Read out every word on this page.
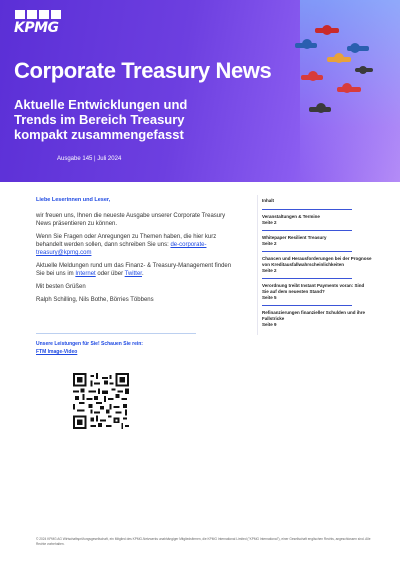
KPMG
Corporate Treasury News
Aktuelle Entwicklungen und Trends im Bereich Treasury kompakt zusammengefasst
Ausgabe 145 | Juli 2024
Liebe Leserinnen und Leser,

wir freuen uns, Ihnen die neueste Ausgabe unserer Corporate Treasury News präsentieren zu können.

Wenn Sie Fragen oder Anregungen zu Themen haben, die hier kurz behandelt werden sollen, dann schreiben Sie uns: de-corporate-treasury@kpmg.com

Aktuelle Meldungen rund um das Finanz- & Treasury-Management finden Sie bei uns im Internet oder über Twitter.

Mit besten Grüßen

Ralph Schilling, Nils Bothe, Börries Többens

Unsere Leistungen für Sie! Schauen Sie rein:
FTM Image-Video
Inhalt
Veranstaltungen & Termine
Seite 2
Whitepaper Resilient Treasury
Seite 2
Chancen und Herausforderungen bei der Prognose von Kreditausfallwahrscheinlichkeiten
Seite 2
Verordnung treibt Instant Payments voran: Sind Sie auf dem neuesten Stand?
Seite 5
Refinanzierungen finanzieller Schulden und ihre Fallstricke
Seite 9
© 2024 KPMG AG Wirtschaftsprüfungsgesellschaft, ein Mitglied des KPMG-Netzwerks unabhängiger Mitgliedsfirmen, die KPMG International Limited ("KPMG International"), einer Gesellschaft englischen Rechts, angeschlossen sind. Alle Rechte vorbehalten.
